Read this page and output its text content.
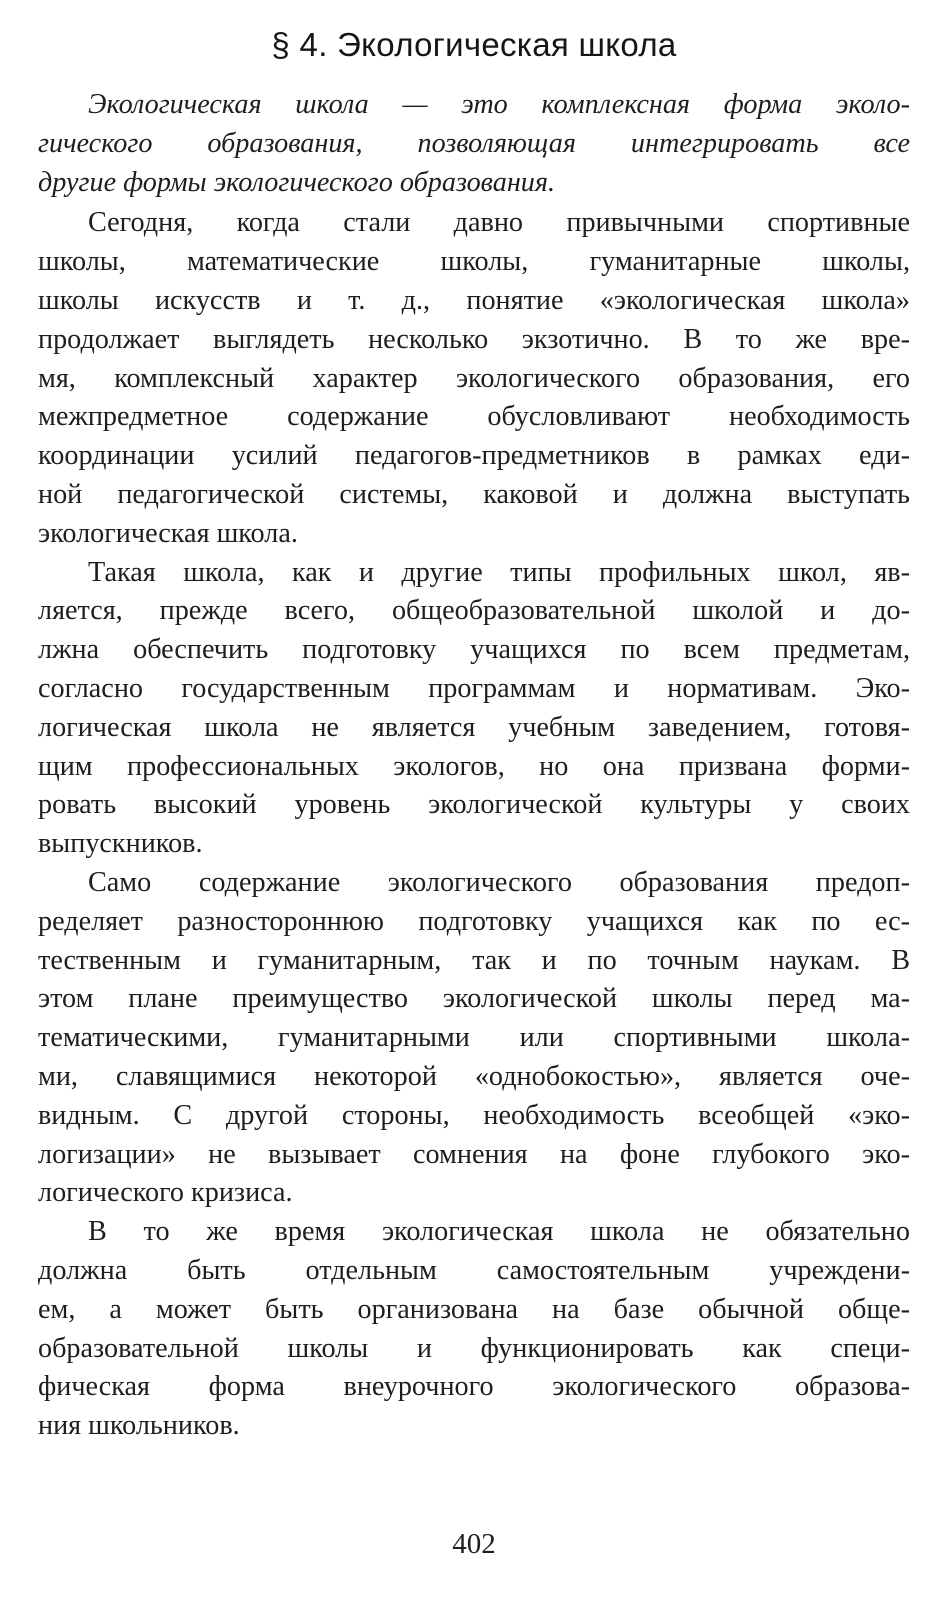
§ 4. Экологическая школа

Экологическая школа — это комплексная форма эколо-
гического образования, позволяющая интегрировать все
другие формы экологического образования.

Сегодня, когда стали давно привычными спортивные
школы, математические школы, гуманитарные школы,
школы искусств и т. д., понятие «экологическая школа»
продолжает выглядеть несколько экзотично. В то же вре-
мя, комплексный характер экологического образования, его
межпредметное содержание обусловливают необходимость
координации усилий педагогов-предметников в рамках еди-
ной педагогической системы, каковой и должна выступать
экологическая школа.

Такая школа, как и другие типы профильных школ, яв-
ляется, прежде всего, общеобразовательной школой и до-
лжна обеспечить подготовку учащихся по всем предметам,
согласно государственным программам и нормативам. Эко-
логическая школа не является учебным заведением, готовя-
щим профессиональных экологов, но она призвана форми-
ровать высокий уровень экологической культуры у своих
выпускников.

Само содержание экологического образования предоп-
ределяет разностороннюю подготовку учащихся как по ес-
тественным и гуманитарным, так и по точным наукам. В
этом плане преимущество экологической школы перед ма-
тематическими, гуманитарными или спортивными школа-
ми, славящимися некоторой «однобокостью», является оче-
видным. С другой стороны, необходимость всеобщей «эко-
логизации» не вызывает сомнения на фоне глубокого эко-
логического кризиса.

В то же время экологическая школа не обязательно
должна быть отдельным самостоятельным учреждени-
ем, а может быть организована на базе обычной обще-
образовательной школы и функционировать как специ-
фическая форма внеурочного экологического образова-
ния школьников.

402
